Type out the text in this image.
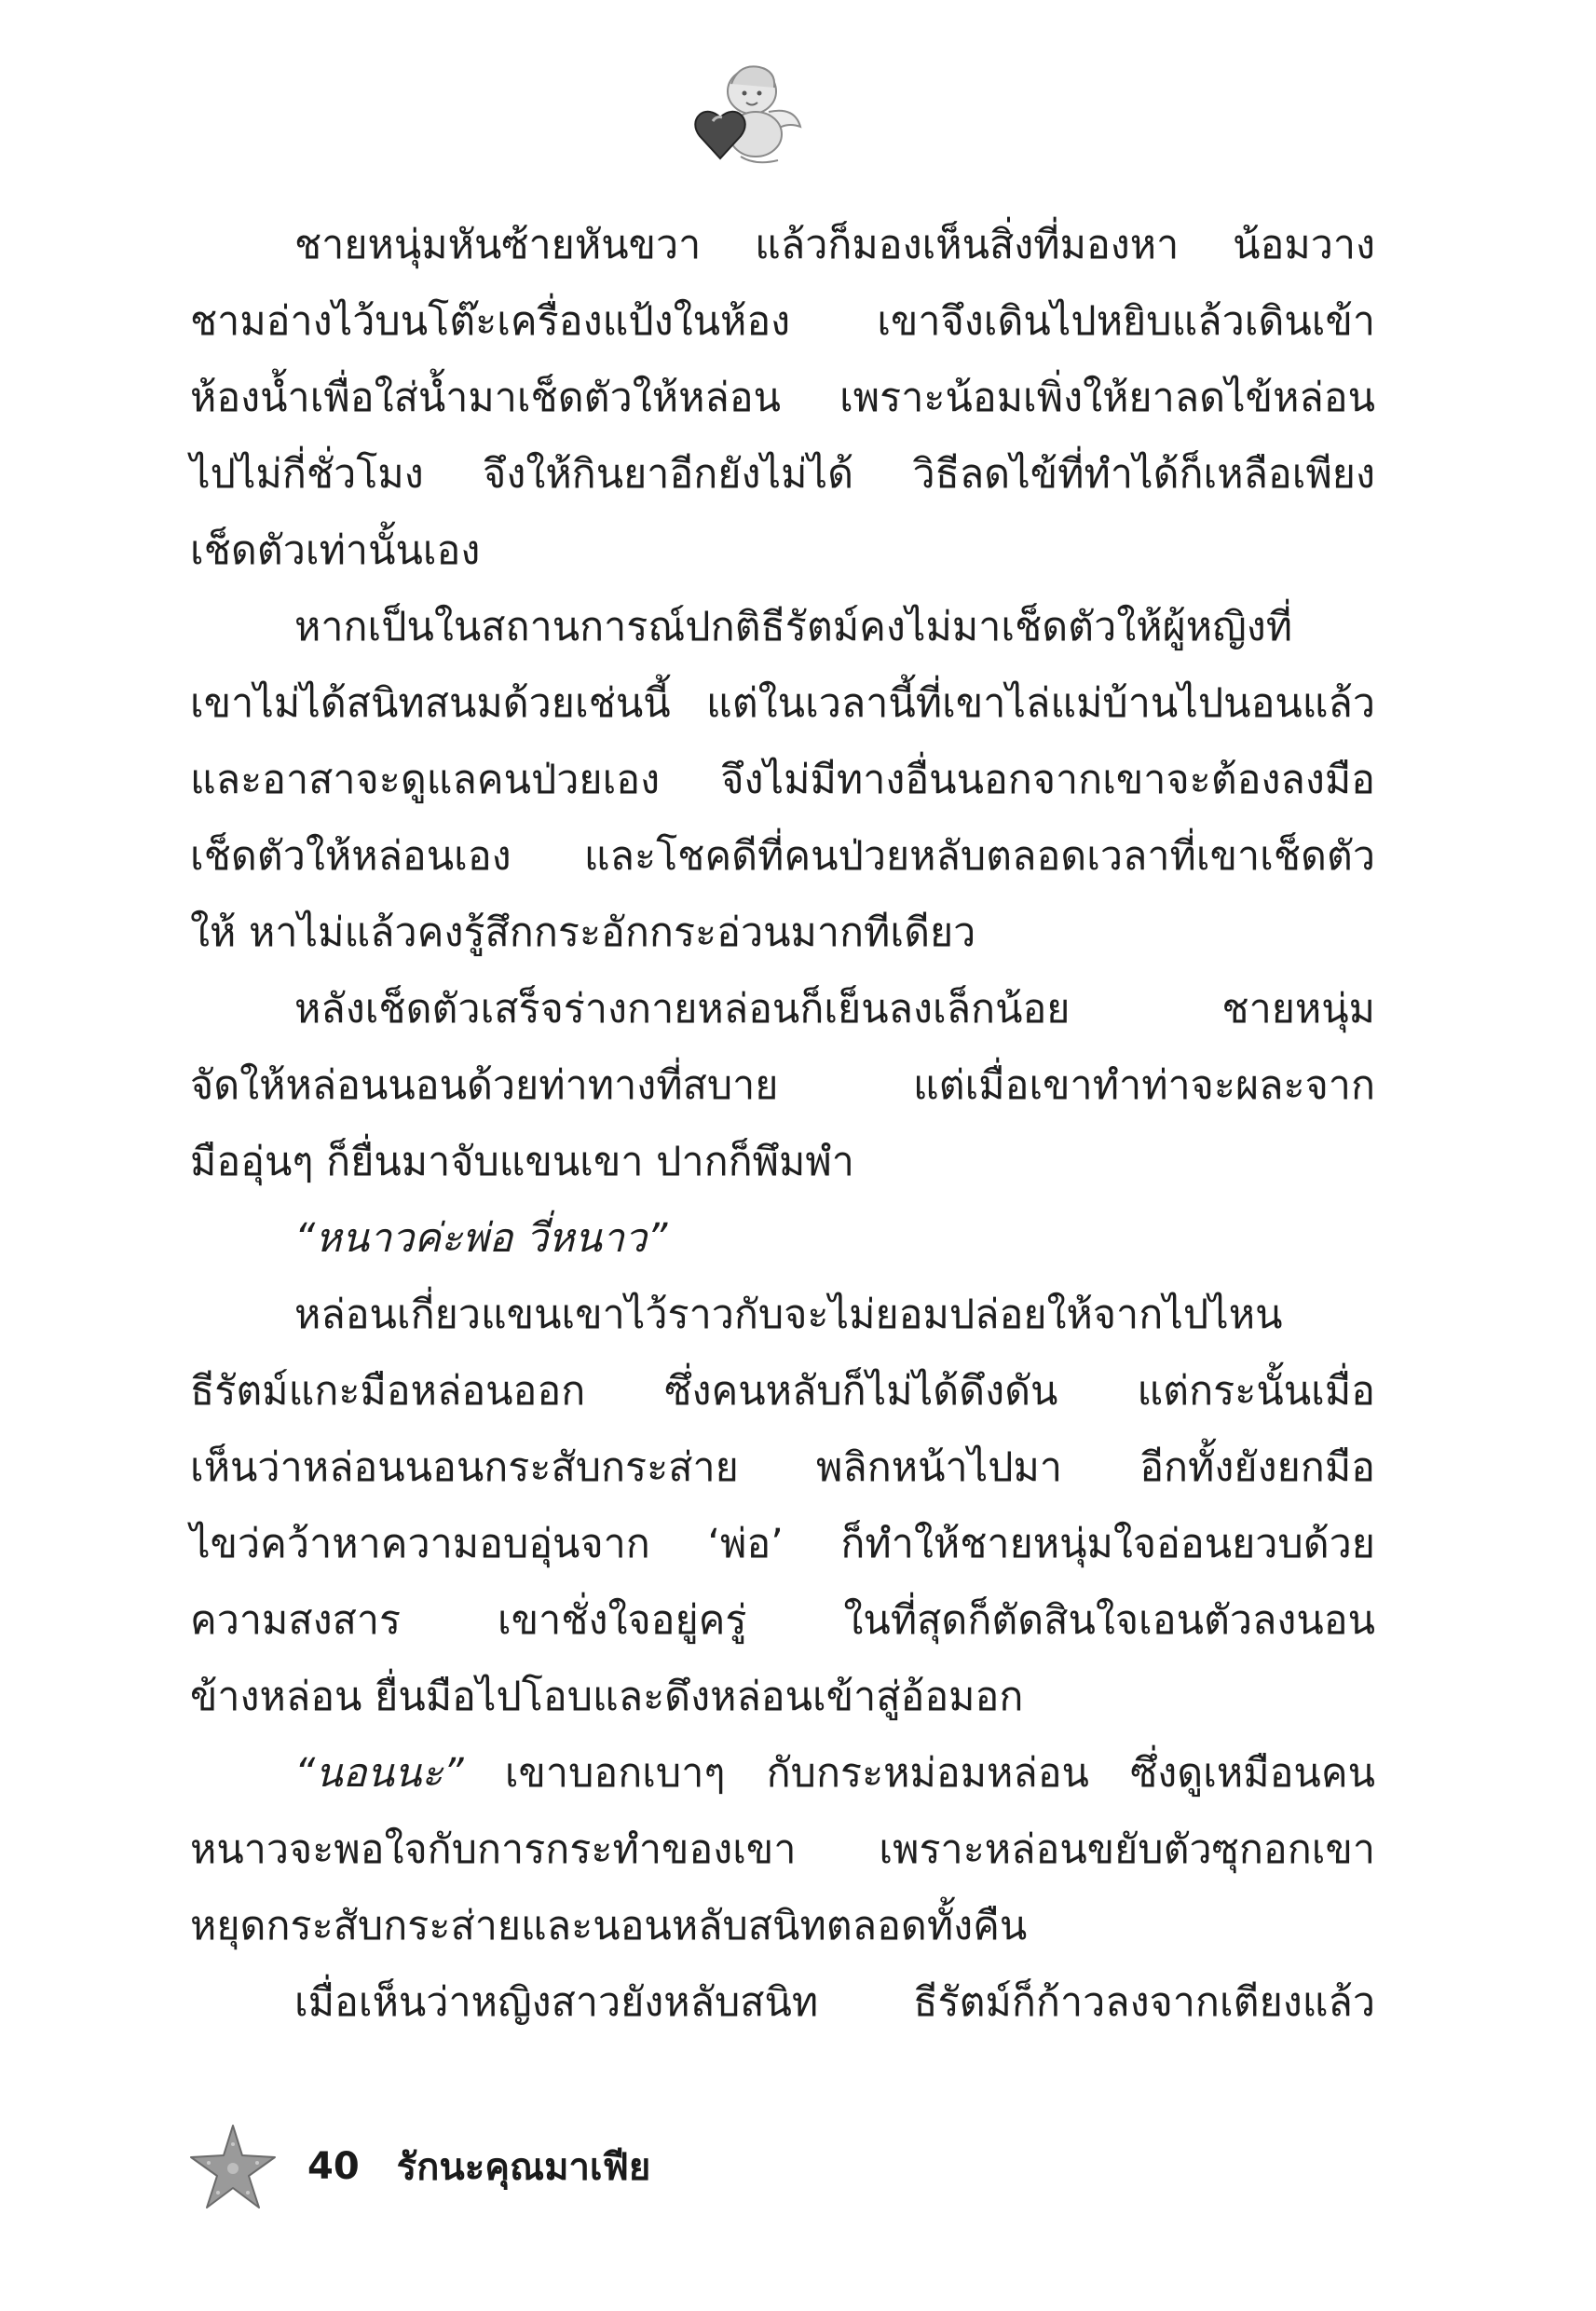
ชายหนุ่มหันซ้ายหันขวา แล้วก็มองเห็นสิ่งที่มองหา น้อมวาง
ชามอ่างไว้บนโต๊ะเครื่องแป้งในห้อง เขาจึงเดินไปหยิบแล้วเดินเข้า
ห้องน้ำเพื่อใส่น้ำมาเช็ดตัวให้หล่อน เพราะน้อมเพิ่งให้ยาลดไข้หล่อน
ไปไม่กี่ชั่วโมง จึงให้กินยาอีกยังไม่ได้ วิธีลดไข้ที่ทำได้ก็เหลือเพียง
เช็ดตัวเท่านั้นเอง

หากเป็นในสถานการณ์ปกติธีรัตม์คงไม่มาเช็ดตัวให้ผู้หญิงที่
เขาไม่ได้สนิทสนมด้วยเช่นนี้ แต่ในเวลานี้ที่เขาไล่แม่บ้านไปนอนแล้ว
และอาสาจะดูแลคนป่วยเอง จึงไม่มีทางอื่นนอกจากเขาจะต้องลงมือ
เช็ดตัวให้หล่อนเอง และโชคดีที่คนป่วยหลับตลอดเวลาที่เขาเช็ดตัว
ให้ หาไม่แล้วคงรู้สึกกระอักกระอ่วนมากทีเดียว

หลังเช็ดตัวเสร็จร่างกายหล่อนก็เย็นลงเล็กน้อย ชายหนุ่ม
จัดให้หล่อนนอนด้วยท่าทางที่สบาย แต่เมื่อเขาทำท่าจะผละจาก
มืออุ่นๆ ก็ยื่นมาจับแขนเขา ปากก็พึมพำ

“หนาวค่ะพ่อ วี่หนาว”

หล่อนเกี่ยวแขนเขาไว้ราวกับจะไม่ยอมปล่อยให้จากไปไหน
ธีรัตม์แกะมือหล่อนออก ซึ่งคนหลับก็ไม่ได้ดึงดัน แต่กระนั้นเมื่อ
เห็นว่าหล่อนนอนกระสับกระส่าย พลิกหน้าไปมา อีกทั้งยังยกมือ
ไขว่คว้าหาความอบอุ่นจาก ‘พ่อ’ ก็ทำให้ชายหนุ่มใจอ่อนยวบด้วย
ความสงสาร เขาชั่งใจอยู่ครู่ ในที่สุดก็ตัดสินใจเอนตัวลงนอน
ข้างหล่อน ยื่นมือไปโอบและดึงหล่อนเข้าสู่อ้อมอก

“นอนนะ” เขาบอกเบาๆ กับกระหม่อมหล่อน ซึ่งดูเหมือนคน
หนาวจะพอใจกับการกระทำของเขา เพราะหล่อนขยับตัวซุกอกเขา
หยุดกระสับกระส่ายและนอนหลับสนิทตลอดทั้งคืน

เมื่อเห็นว่าหญิงสาวยังหลับสนิท ธีรัตม์ก็ก้าวลงจากเตียงแล้ว

40 รักนะคุณมาเฟีย
